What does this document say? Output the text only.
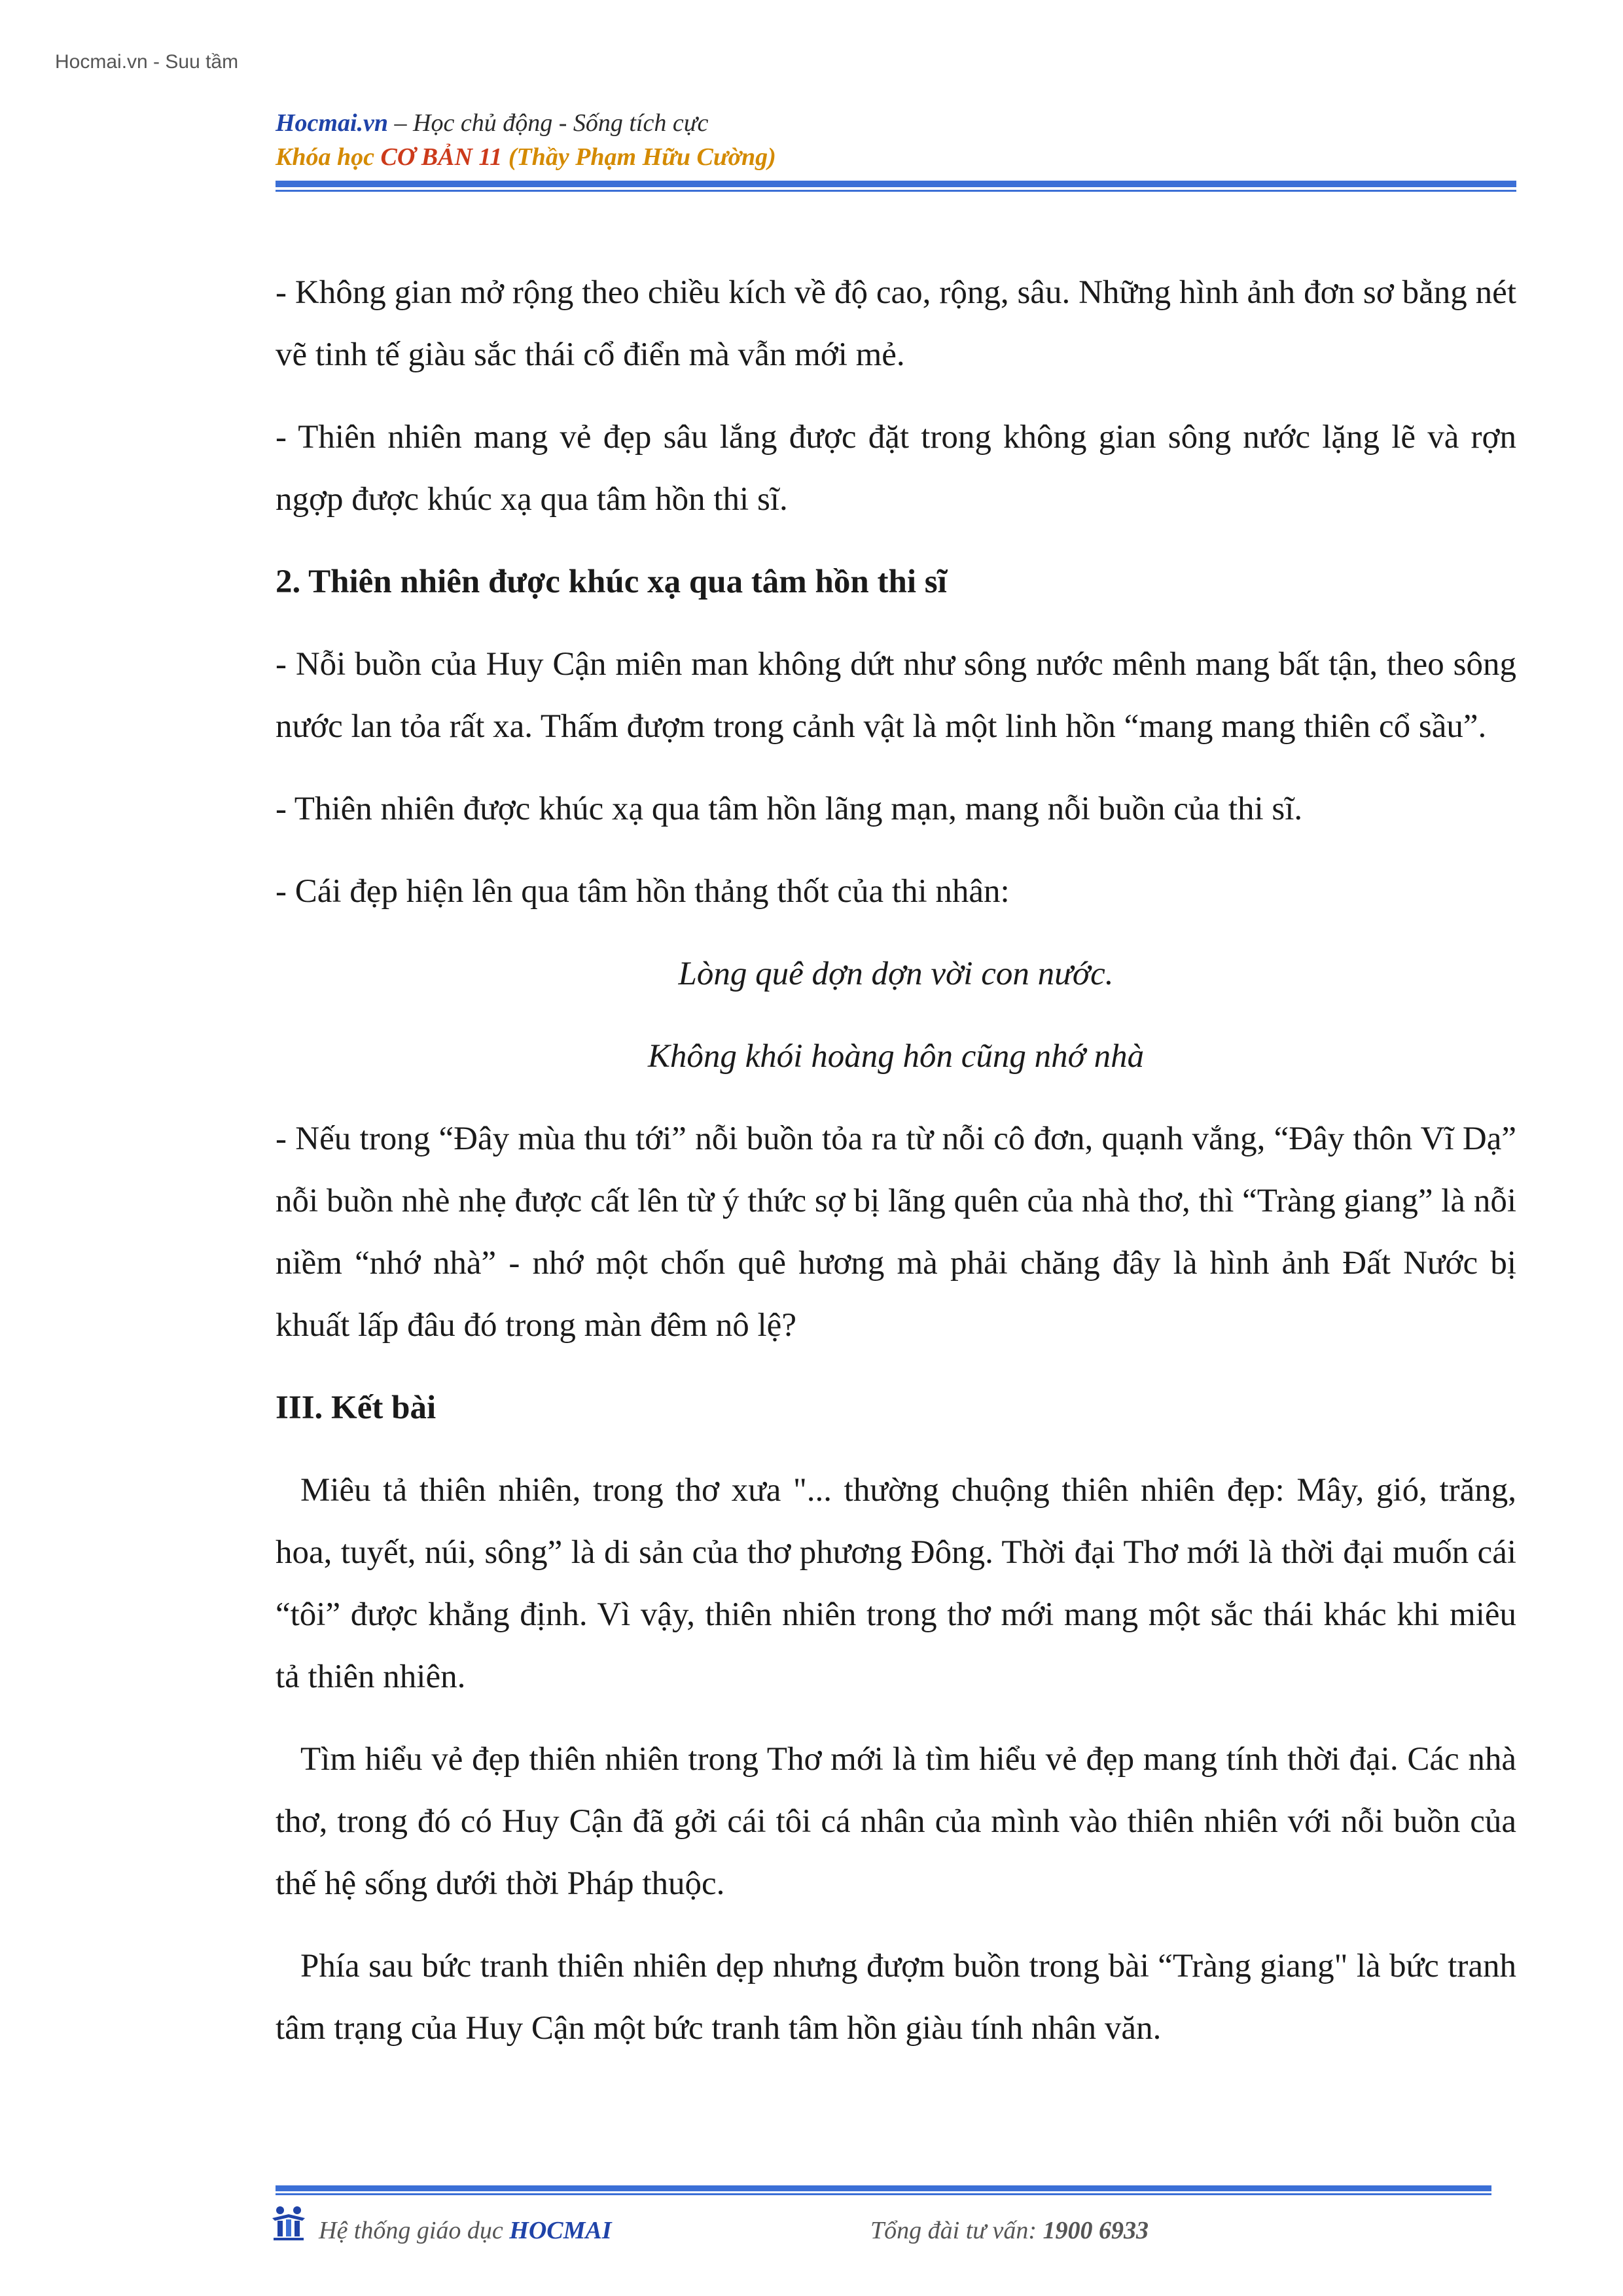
Hocmai.vn - Suu tầm
Hocmai.vn – Học chủ động - Sống tích cực
Khóa học CƠ BẢN 11 (Thầy Phạm Hữu Cường)

- Không gian mở rộng theo chiều kích về độ cao, rộng, sâu. Những hình ảnh đơn sơ bằng nét vẽ tinh tế giàu sắc thái cổ điển mà vẫn mới mẻ.

- Thiên nhiên mang vẻ đẹp sâu lắng được đặt trong không gian sông nước lặng lẽ và rợn ngợp được khúc xạ qua tâm hồn thi sĩ.

2. Thiên nhiên được khúc xạ qua tâm hồn thi sĩ

- Nỗi buồn của Huy Cận miên man không dứt như sông nước mênh mang bất tận, theo sông nước lan tỏa rất xa. Thấm đượm trong cảnh vật là một linh hồn “mang mang thiên cổ sầu”.

- Thiên nhiên được khúc xạ qua tâm hồn lãng mạn, mang nỗi buồn của thi sĩ.

- Cái đẹp hiện lên qua tâm hồn thảng thốt của thi nhân:

Lòng quê dợn dợn vời con nước.
Không khói hoàng hôn cũng nhớ nhà

- Nếu trong “Đây mùa thu tới” nỗi buồn tỏa ra từ nỗi cô đơn, quạnh vắng, “Đây thôn Vĩ Dạ” nỗi buồn nhè nhẹ được cất lên từ ý thức sợ bị lãng quên của nhà thơ, thì “Tràng giang” là nỗi niềm “nhớ nhà” - nhớ một chốn quê hương mà phải chăng đây là hình ảnh Đất Nước bị khuất lấp đâu đó trong màn đêm nô lệ?

III. Kết bài

Miêu tả thiên nhiên, trong thơ xưa "... thường chuộng thiên nhiên đẹp: Mây, gió, trăng, hoa, tuyết, núi, sông” là di sản của thơ phương Đông. Thời đại Thơ mới là thời đại muốn cái “tôi” được khẳng định. Vì vậy, thiên nhiên trong thơ mới mang một sắc thái khác khi miêu tả thiên nhiên.

Tìm hiểu vẻ đẹp thiên nhiên trong Thơ mới là tìm hiểu vẻ đẹp mang tính thời đại. Các nhà thơ, trong đó có Huy Cận đã gởi cái tôi cá nhân của mình vào thiên nhiên với nỗi buồn của thế hệ sống dưới thời Pháp thuộc.

Phía sau bức tranh thiên nhiên dẹp nhưng đượm buồn trong bài “Tràng giang" là bức tranh tâm trạng của Huy Cận một bức tranh tâm hồn giàu tính nhân văn.

Hệ thống giáo dục HOCMAI	Tổng đài tư vấn: 1900 6933
